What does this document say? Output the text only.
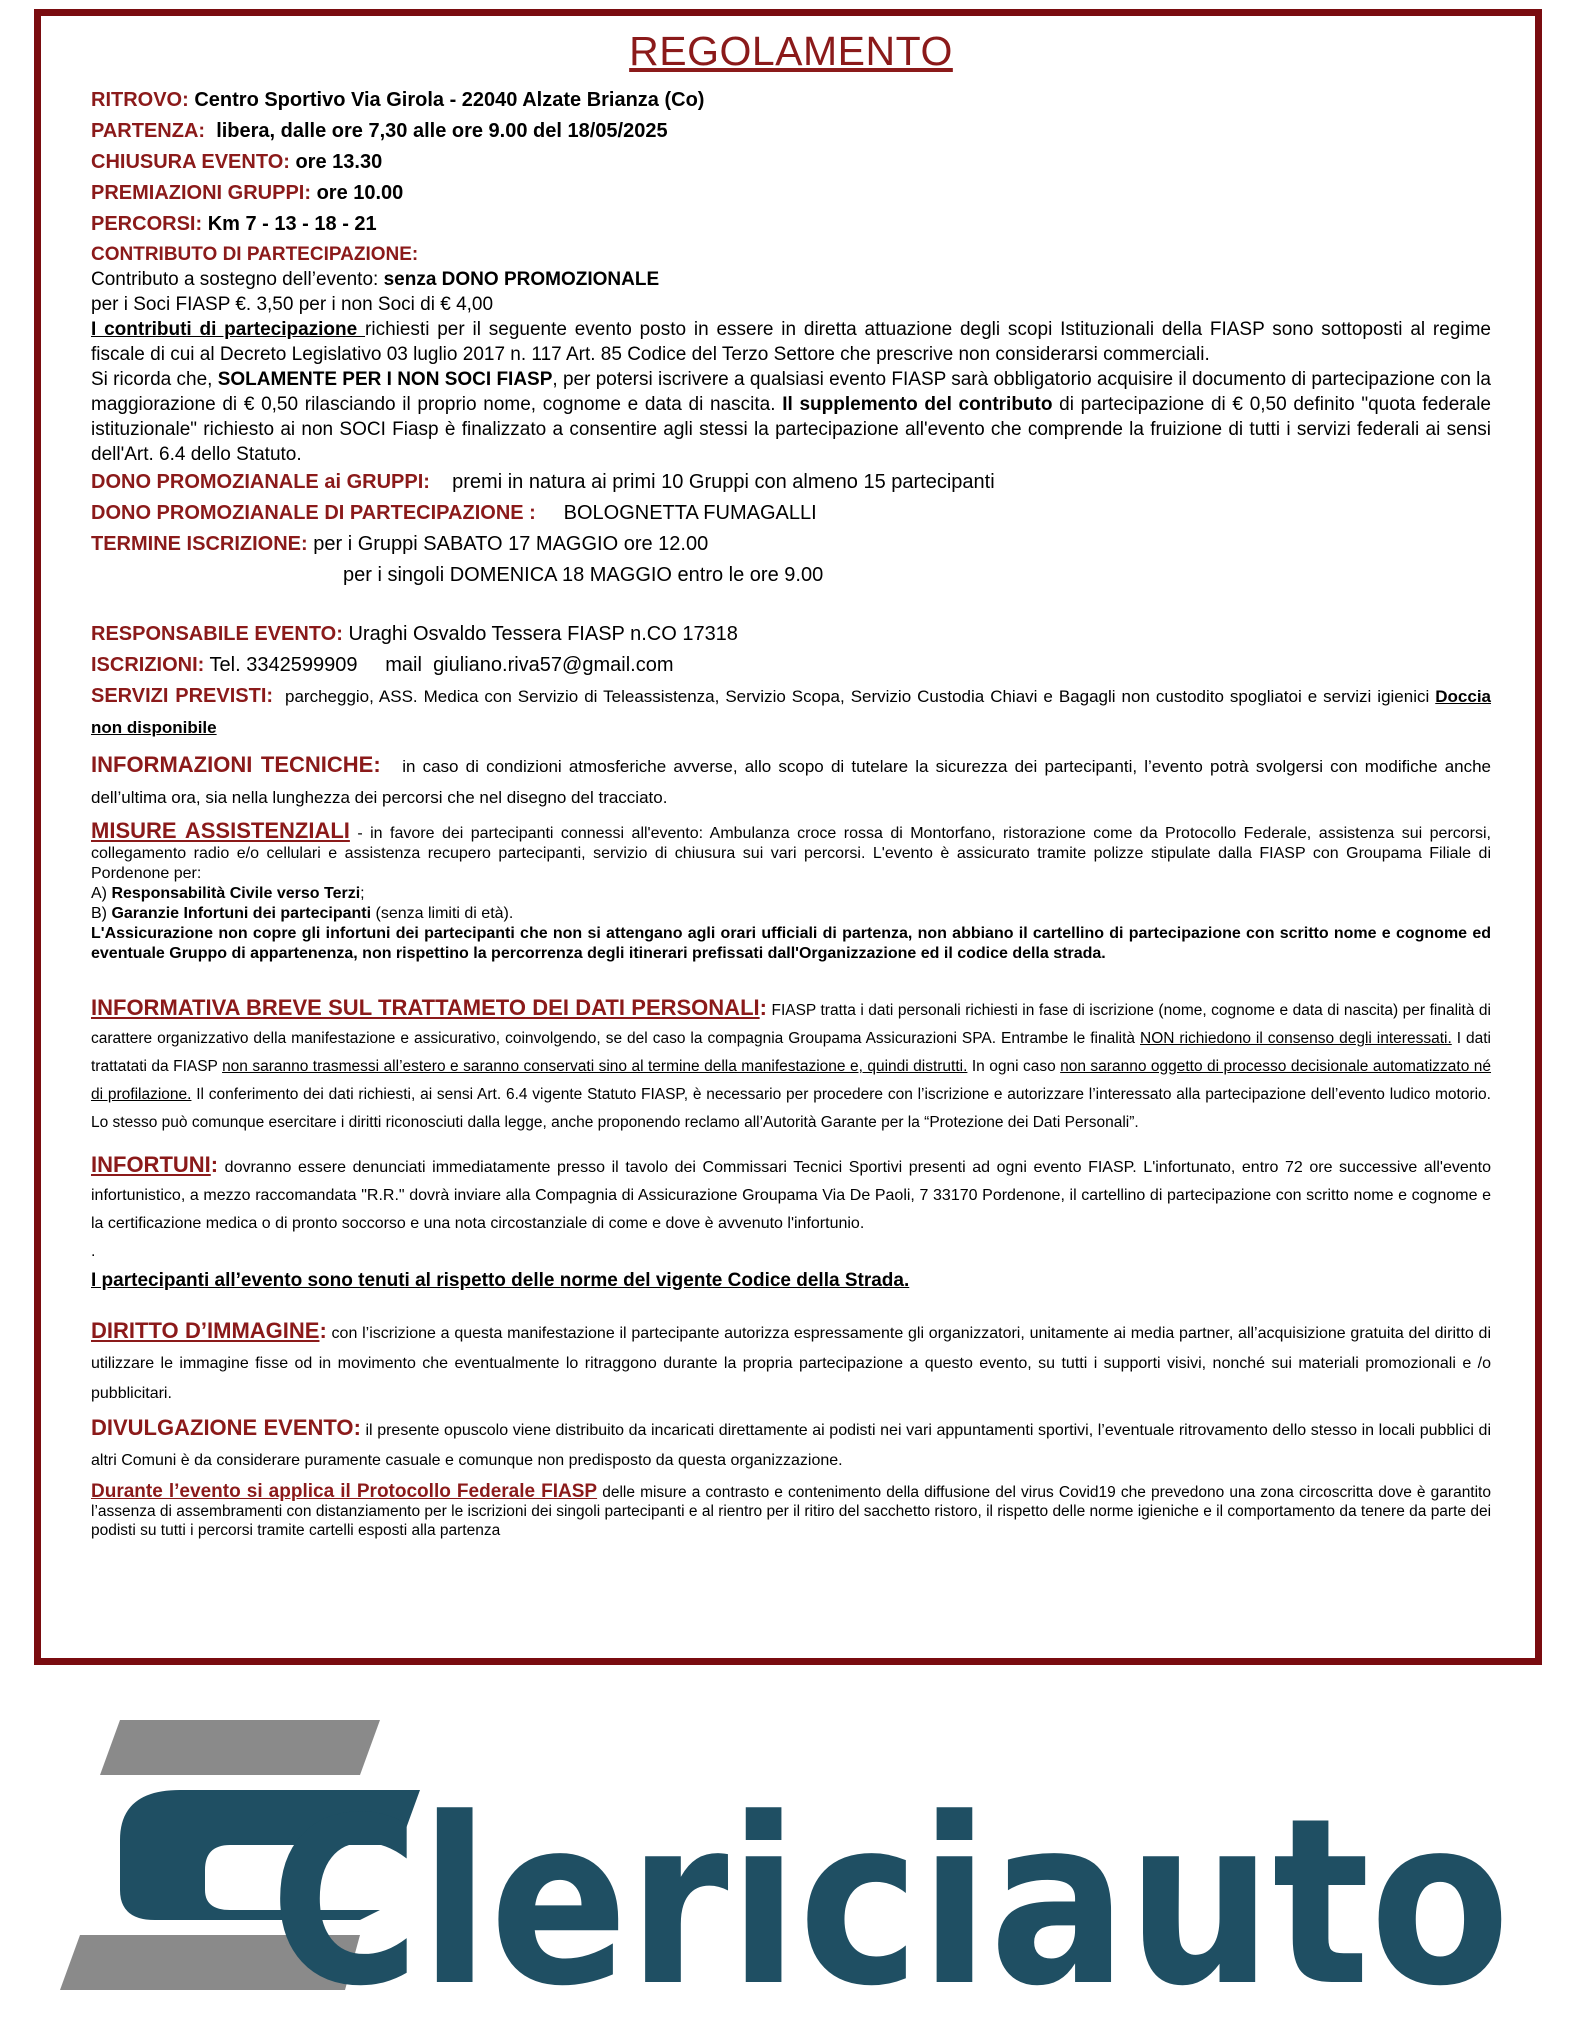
REGOLAMENTO
RITROVO: Centro Sportivo Via Girola - 22040 Alzate Brianza (Co)
PARTENZA: libera, dalle ore 7,30 alle ore 9.00 del 18/05/2025
CHIUSURA EVENTO: ore 13.30
PREMIAZIONI GRUPPI: ore 10.00
PERCORSI: Km 7 - 13 - 18 - 21
CONTRIBUTO DI PARTECIPAZIONE:
Contributo a sostegno dell’evento: senza DONO PROMOZIONALE
per i Soci FIASP €. 3,50 per i non Soci di € 4,00
I contributi di partecipazione richiesti per il seguente evento posto in essere in diretta attuazione degli scopi Istituzionali della FIASP sono sottoposti al regime fiscale di cui al Decreto Legislativo 03 luglio 2017 n. 117 Art. 85 Codice del Terzo Settore che prescrive non considerarsi commerciali.
Si ricorda che, SOLAMENTE PER I NON SOCI FIASP, per potersi iscrivere a qualsiasi evento FIASP sarà obbligatorio acquisire il documento di partecipazione con la maggiorazione di € 0,50 rilasciando il proprio nome, cognome e data di nascita. Il supplemento del contributo di partecipazione di € 0,50 definito "quota federale istituzionale" richiesto ai non SOCI Fiasp è finalizzato a consentire agli stessi la partecipazione all'evento che comprende la fruizione di tutti i servizi federali ai sensi dell'Art. 6.4 dello Statuto.
DONO PROMOZIANALE ai GRUPPI: premi in natura ai primi 10 Gruppi con almeno 15 partecipanti
DONO PROMOZIANALE DI PARTECIPAZIONE : BOLOGNETTA FUMAGALLI
TERMINE ISCRIZIONE: per i Gruppi SABATO 17 MAGGIO ore 12.00
per i singoli DOMENICA 18 MAGGIO entro le ore 9.00
RESPONSABILE EVENTO: Uraghi Osvaldo Tessera FIASP n.CO 17318
ISCRIZIONI: Tel. 3342599909 mail giuliano.riva57@gmail.com
SERVIZI PREVISTI: parcheggio, ASS. Medica con Servizio di Teleassistenza, Servizio Scopa, Servizio Custodia Chiavi e Bagagli non custodito spogliatoi e servizi igienici Doccia non disponibile
INFORMAZIONI TECNICHE: in caso di condizioni atmosferiche avverse, allo scopo di tutelare la sicurezza dei partecipanti, l’evento potrà svolgersi con modifiche anche dell’ultima ora, sia nella lunghezza dei percorsi che nel disegno del tracciato.
MISURE ASSISTENZIALI - in favore dei partecipanti connessi all'evento: Ambulanza croce rossa di Montorfano, ristorazione come da Protocollo Federale, assistenza sui percorsi, collegamento radio e/o cellulari e assistenza recupero partecipanti, servizio di chiusura sui vari percorsi. L'evento è assicurato tramite polizze stipulate dalla FIASP con Groupama Filiale di Pordenone per:
A) Responsabilità Civile verso Terzi;
B) Garanzie Infortuni dei partecipanti (senza limiti di età).
L'Assicurazione non copre gli infortuni dei partecipanti che non si attengano agli orari ufficiali di partenza, non abbiano il cartellino di partecipazione con scritto nome e cognome ed eventuale Gruppo di appartenenza, non rispettino la percorrenza degli itinerari prefissati dall'Organizzazione ed il codice della strada.
INFORMATIVA BREVE SUL TRATTAMETO DEI DATI PERSONALI: FIASP tratta i dati personali richiesti in fase di iscrizione (nome, cognome e data di nascita) per finalità di carattere organizzativo della manifestazione e assicurativo, coinvolgendo, se del caso la compagnia Groupama Assicurazioni SPA. Entrambe le finalità NON richiedono il consenso degli interessati. I dati trattatati da FIASP non saranno trasmessi all’estero e saranno conservati sino al termine della manifestazione e, quindi distrutti. In ogni caso non saranno oggetto di processo decisionale automatizzato né di profilazione. Il conferimento dei dati richiesti, ai sensi Art. 6.4 vigente Statuto FIASP, è necessario per procedere con l’iscrizione e autorizzare l’interessato alla partecipazione dell’evento ludico motorio. Lo stesso può comunque esercitare i diritti riconosciuti dalla legge, anche proponendo reclamo all’Autorità Garante per la “Protezione dei Dati Personali”.
INFORTUNI: dovranno essere denunciati immediatamente presso il tavolo dei Commissari Tecnici Sportivi presenti ad ogni evento FIASP. L'infortunato, entro 72 ore successive all'evento infortunistico, a mezzo raccomandata "R.R." dovrà inviare alla Compagnia di Assicurazione Groupama Via De Paoli, 7 33170 Pordenone, il cartellino di partecipazione con scritto nome e cognome e la certificazione medica o di pronto soccorso e una nota circostanziale di come e dove è avvenuto l'infortunio.
.
I partecipanti all’evento sono tenuti al rispetto delle norme del vigente Codice della Strada.
DIRITTO D’IMMAGINE: con l’iscrizione a questa manifestazione il partecipante autorizza espressamente gli organizzatori, unitamente ai media partner, all’acquisizione gratuita del diritto di utilizzare le immagine fisse od in movimento che eventualmente lo ritraggono durante la propria partecipazione a questo evento, su tutti i supporti visivi, nonché sui materiali promozionali e /o pubblicitari.
DIVULGAZIONE EVENTO: il presente opuscolo viene distribuito da incaricati direttamente ai podisti nei vari appuntamenti sportivi, l’eventuale ritrovamento dello stesso in locali pubblici di altri Comuni è da considerare puramente casuale e comunque non predisposto da questa organizzazione.
Durante l’evento si applica il Protocollo Federale FIASP delle misure a contrasto e contenimento della diffusione del virus Covid19 che prevedono una zona circoscritta dove è garantito l’assenza di assembramenti con distanziamento per le iscrizioni dei singoli partecipanti e al rientro per il ritiro del sacchetto ristoro, il rispetto delle norme igieniche e il comportamento da tenere da parte dei podisti su tutti i percorsi tramite cartelli esposti alla partenza
Clericiauto
